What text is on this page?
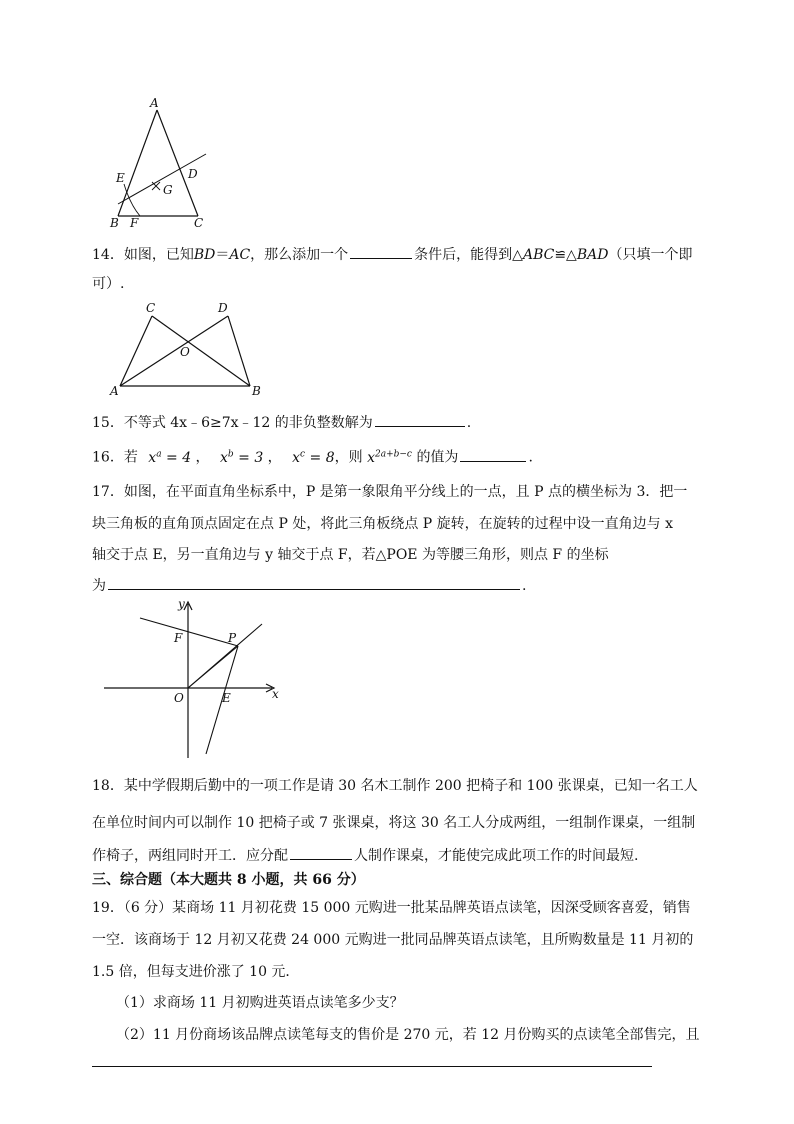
A
E	D
G
B F	C
14．如图，已知BD＝AC，那么添加一个	条件后，能得到△ABC≌△BAD（只填一个即
可）.
C	D
O
A	B
15．不等式 4x﹣6≥7x﹣12 的非负整数解为	.
16．若 $x^a = 4$ ， $x^b = 3$ ， $x^c = 8$，则 $x^{2a+b-c}$ 的值为	.
17．如图，在平面直角坐标系中，P 是第一象限角平分线上的一点，且 P 点的横坐标为 3．把一
块三角板的直角顶点固定在点 P 处，将此三角板绕点 P 旋转，在旋转的过程中设一直角边与 x
轴交于点 E，另一直角边与 y 轴交于点 F，若△POE 为等腰三角形，则点 F 的坐标
为	.
y
F	P
O	E	x
18．某中学假期后勤中的一项工作是请 30 名木工制作 200 把椅子和 100 张课桌，已知一名工人
在单位时间内可以制作 10 把椅子或 7 张课桌，将这 30 名工人分成两组，一组制作课桌，一组制
作椅子，两组同时开工．应分配	人制作课桌，才能使完成此项工作的时间最短.
三、综合题（本大题共 8 小题，共 66 分）
19．（6 分）某商场 11 月初花费 15 000 元购进一批某品牌英语点读笔，因深受顾客喜爱，销售
一空．该商场于 12 月初又花费 24 000 元购进一批同品牌英语点读笔，且所购数量是 11 月初的
1.5 倍，但每支进价涨了 10 元．
（1）求商场 11 月初购进英语点读笔多少支？
（2）11 月份商场该品牌点读笔每支的售价是 270 元，若 12 月份购买的点读笔全部售完，且
